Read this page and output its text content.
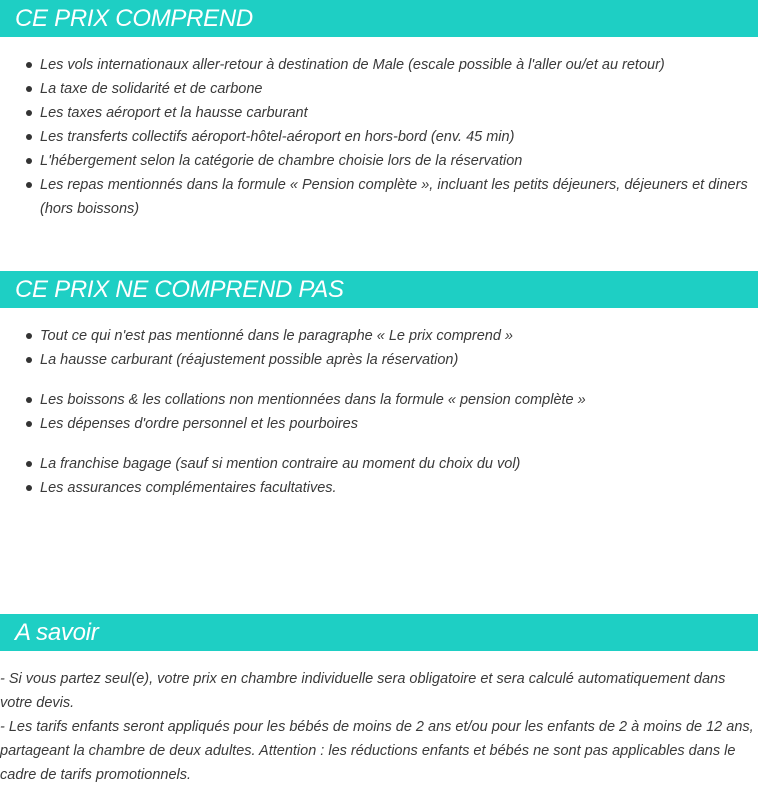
CE PRIX COMPREND
Les vols internationaux aller-retour à destination de Male (escale possible à l'aller ou/et au retour)
La taxe de solidarité et de carbone
Les taxes aéroport et la hausse carburant
Les transferts collectifs aéroport-hôtel-aéroport en hors-bord (env. 45 min)
L'hébergement selon la catégorie de chambre choisie lors de la réservation
Les repas mentionnés dans la formule « Pension complète », incluant les petits déjeuners, déjeuners et diners (hors boissons)
CE PRIX NE COMPREND PAS
Tout ce qui n'est pas mentionné dans le paragraphe « Le prix comprend »
La hausse carburant (réajustement possible après la réservation)
Les boissons & les collations non mentionnées dans la formule « pension complète »
Les dépenses d'ordre personnel et les pourboires
La franchise bagage (sauf si mention contraire au moment du choix du vol)
Les assurances complémentaires facultatives.
A savoir
- Si vous partez seul(e), votre prix en chambre individuelle sera obligatoire et sera calculé automatiquement dans votre devis.
- Les tarifs enfants seront appliqués pour les bébés de moins de 2 ans et/ou pour les enfants de 2 à moins de 12 ans, partageant la chambre de deux adultes. Attention : les réductions enfants et bébés ne sont pas applicables dans le cadre de tarifs promotionnels.
